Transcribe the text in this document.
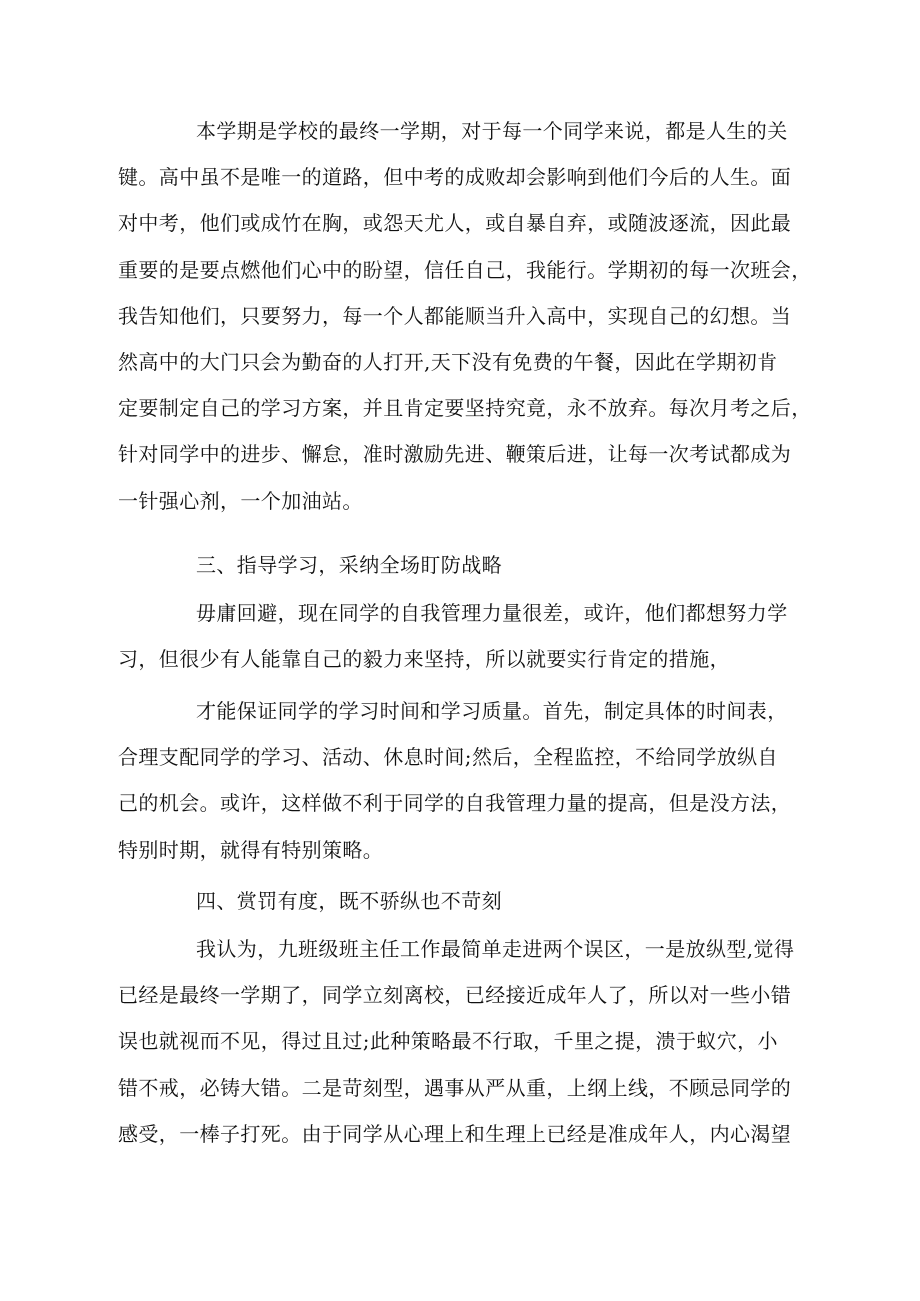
本学期是学校的最终一学期，对于每一个同学来说，都是人生的关
键。高中虽不是唯一的道路，但中考的成败却会影响到他们今后的人生。面
对中考，他们或成竹在胸，或怨天尤人，或自暴自弃，或随波逐流，因此最
重要的是要点燃他们心中的盼望，信任自己，我能行。学期初的每一次班会，
我告知他们，只要努力，每一个人都能顺当升入高中，实现自己的幻想。当
然高中的大门只会为勤奋的人打开,天下没有免费的午餐，因此在学期初肯
定要制定自己的学习方案，并且肯定要坚持究竟，永不放弃。每次月考之后，
针对同学中的进步、懈怠，准时激励先进、鞭策后进，让每一次考试都成为
一针强心剂，一个加油站。
三、指导学习，采纳全场盯防战略
毋庸回避，现在同学的自我管理力量很差，或许，他们都想努力学
习，但很少有人能靠自己的毅力来坚持，所以就要实行肯定的措施，
才能保证同学的学习时间和学习质量。首先，制定具体的时间表，
合理支配同学的学习、活动、休息时间;然后，全程监控，不给同学放纵自
己的机会。或许，这样做不利于同学的自我管理力量的提高，但是没方法，
特别时期，就得有特别策略。
四、赏罚有度，既不骄纵也不苛刻
我认为，九班级班主任工作最简单走进两个误区，一是放纵型,觉得
已经是最终一学期了，同学立刻离校，已经接近成年人了，所以对一些小错
误也就视而不见，得过且过;此种策略最不行取，千里之提，溃于蚁穴，小
错不戒，必铸大错。二是苛刻型，遇事从严从重，上纲上线，不顾忌同学的
感受，一棒子打死。由于同学从心理上和生理上已经是准成年人，内心渴望
